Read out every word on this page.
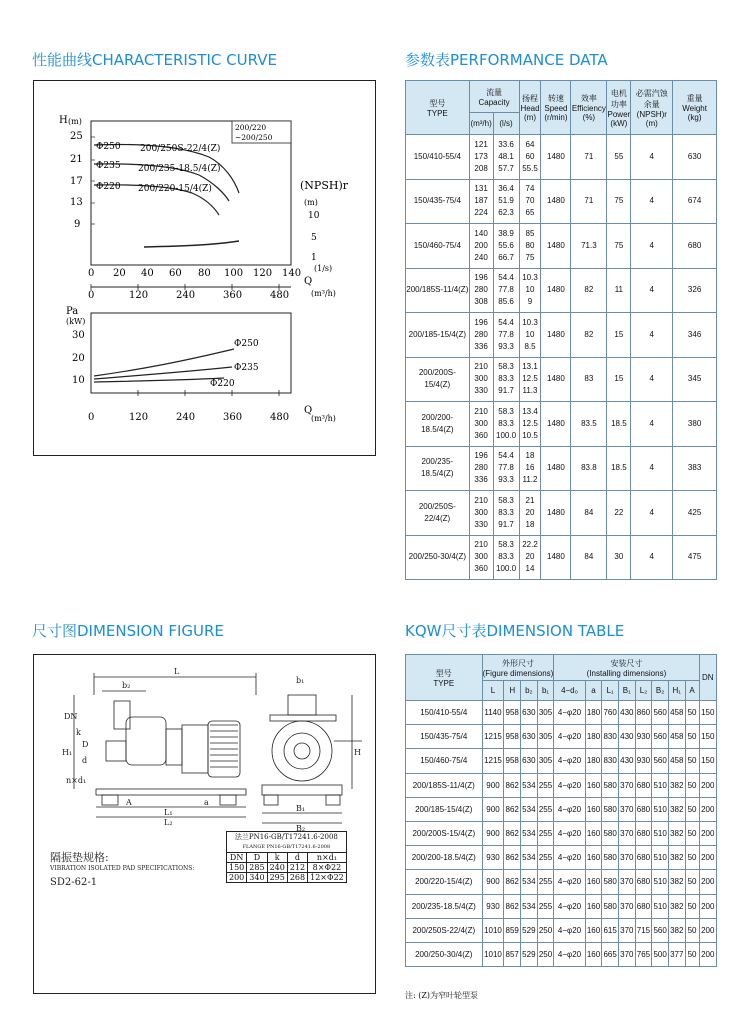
性能曲线CHARACTERISTIC CURVE	参数表PERFORMANCE DATA
尺寸图DIMENSION FIGURE	KQW尺寸表DIMENSION TABLE
H (m)
25
21
17
13
9
200/220
~200/250
Φ250
Φ235
Φ220
200/250S-22/4(Z)
200/235-18.5/4(Z)
200/220-15/4(Z)	(NPSH)r
(m)
10
5
1
0 20 40 60 80 100 120 140 (1/s)
Q
0	120	240	360	480	(m³/h)
Pa
(kW)
30
20
10
Φ250
Φ235
Φ220
0	120	240	360	480
Q
(m³/h)
型号
TYPE	流量
Capacity		扬程
Head
(m)	转速
Speed
(r/min)	效率
Efficiency
(%)	电机
功率
Power
(kW)	必需汽蚀
余量
(NPSH)r
(m)	重量
Weight
(kg)
	(m³/h)	(l/s)						
150/410-55/4	121
173
208	33.6
48.1
57.7	64
60
55.5	1480	71	55	4	630
150/435-75/4	131
187
224	36.4
51.9
62.3	74
70
65	1480	71	75	4	674
150/460-75/4	140
200
240	38.9
55.6
66.7	85
80
75	1480	71.3	75	4	680
200/185S-11/4(Z)	196
280
308	54.4
77.8
85.6	10.3
10
9	1480	82	11	4	326
200/185-15/4(Z)	196
280
336	54.4
77.8
93.3	10.3
10
8.5	1480	82	15	4	346
200/200S-15/4(Z)	210
300
330	58.3
83.3
91.7	13.1
12.5
11.3	1480	83	15	4	345
200/200-18.5/4(Z)	210
300
360	58.3
83.3
100.0	13.4
12.5
10.5	1480	83.5	18.5	4	380
200/235-18.5/4(Z)	196
280
336	54.4
77.8
93.3	18
16
11.2	1480	83.8	18.5	4	383
200/250S-22/4(Z)	210
300
330	58.3
83.3
91.7	21
20
18	1480	84	22	4	425
200/250-30/4(Z)	210
300
360	58.3
83.3
100.0	22.2
20
14	1480	84	30	4	475
L
b₂
H₁
A	a
L₁
L₂
B₁
B₂
H
b₁
n×d₁
DN
D
k
d
隔振垫规格:
VIBRATION ISOLATED PAD SPECIFICATIONS:
SD2-62-1
法兰PN16-GB/T17241.6-2008				
FLANGE PN16-GB/T17241.6-2008				
DN	D	k	d	n×d₁
150	285	240	212	8×Φ22
200	340	295	268	12×Φ22
型号
TYPE	外形尺寸
(Figure dimensions)				安装尺寸
(Installing dimensions)								DN
	L	H	b₂	b₁	4−d₀	a	L₁	B₁	L₂	B₂	H₁	A	
150/410-55/4	1140	958	630	305	4−φ20	180	760	430	860	560	458	50	150
150/435-75/4	1215	958	630	305	4−φ20	180	830	430	930	560	458	50	150
150/460-75/4	1215	958	630	305	4−φ20	180	830	430	930	560	458	50	150
200/185S-11/4(Z)	900	862	534	255	4−φ20	160	580	370	680	510	382	50	200
200/185-15/4(Z)	900	862	534	255	4−φ20	160	580	370	680	510	382	50	200
200/200S-15/4(Z)	900	862	534	255	4−φ20	160	580	370	680	510	382	50	200
200/200-18.5/4(Z)	930	862	534	255	4−φ20	160	580	370	680	510	382	50	200
200/220-15/4(Z)	900	862	534	255	4−φ20	160	580	370	680	510	382	50	200
200/235-18.5/4(Z)	930	862	534	255	4−φ20	160	580	370	680	510	382	50	200
200/250S-22/4(Z)	1010	859	529	250	4−φ20	160	615	370	715	560	382	50	200
200/250-30/4(Z)	1010	857	529	250	4−φ20	160	665	370	765	500	377	50	200
注: (Z)为窄叶轮型泵
